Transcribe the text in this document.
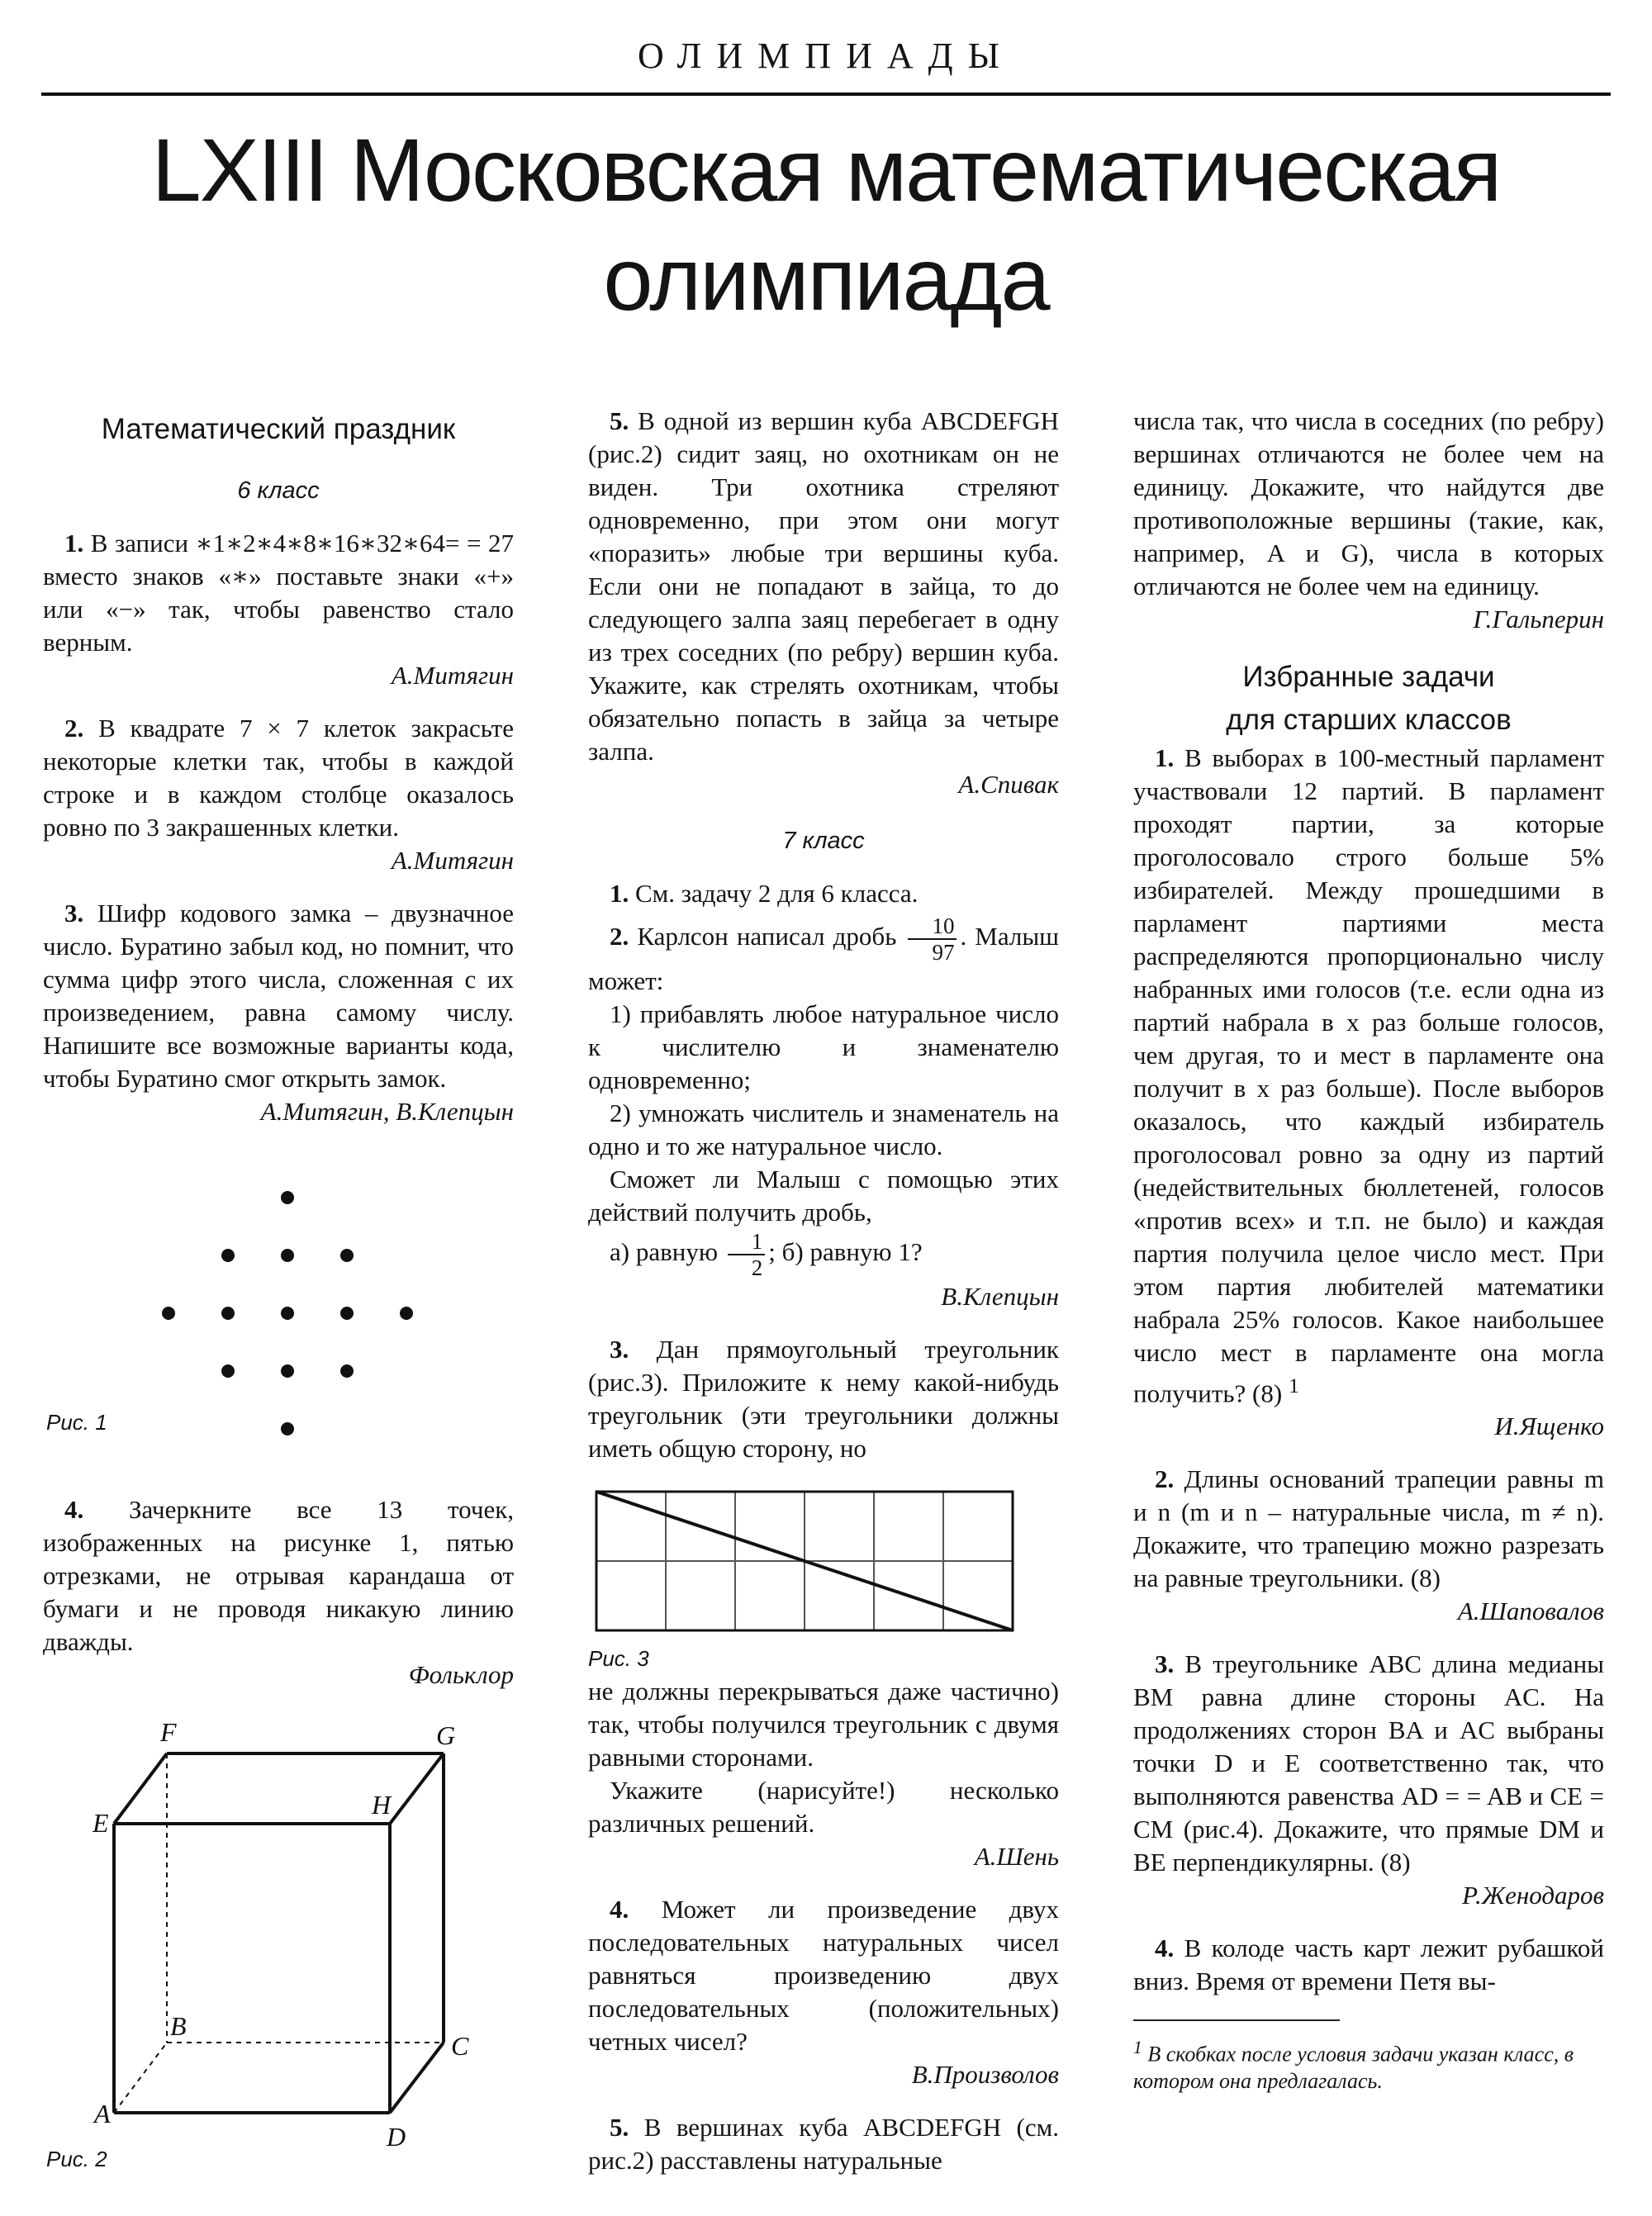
ОЛИМПИАДЫ
LXIII Московская математическая
олимпиада
Математический праздник
6 класс
1. В записи ∗1∗2∗4∗8∗16∗32∗64= = 27 вместо знаков «∗» поставьте знаки «+» или «−» так, чтобы равенство стало верным.
А.Митягин
2. В квадрате 7 × 7 клеток закрасьте некоторые клетки так, чтобы в каждой строке и в каждом столбце оказалось ровно по 3 закрашенных клетки.
А.Митягин
3. Шифр кодового замка – двузначное число. Буратино забыл код, но помнит, что сумма цифр этого числа, сложенная с их произведением, равна самому числу. Напишите все возможные варианты кода, чтобы Буратино смог открыть замок.
А.Митягин, В.Клепцын
Рис. 1
4. Зачеркните все 13 точек, изображенных на рисунке 1, пятью отрезками, не отрывая карандаша от бумаги и не проводя никакую линию дважды.
Фольклор
F	G
E
H
B
C
A
D
Рис. 2
5. В одной из вершин куба ABCDEFGH (рис.2) сидит заяц, но охотникам он не виден. Три охотника стреляют одновременно, при этом они могут «поразить» любые три вершины куба. Если они не попадают в зайца, то до следующего залпа заяц перебегает в одну из трех соседних (по ребру) вершин куба. Укажите, как стрелять охотникам, чтобы обязательно попасть в зайца за четыре залпа.
А.Спивак
7 класс
1. См. задачу 2 для 6 класса.
2. Карлсон написал дробь $\frac{10}{97}$ . Малыш может:
1) прибавлять любое натуральное число к числителю и знаменателю одновременно;
2) умножать числитель и знаменатель на одно и то же натуральное число.
Сможет ли Малыш с помощью этих действий получить дробь,
а) равную $\frac{1}{2}$ ; б) равную 1?
В.Клепцын
3. Дан прямоугольный треугольник (рис.3). Приложите к нему какой-нибудь треугольник (эти треугольники должны иметь общую сторону, но
Рис. 3
не должны перекрываться даже частично) так, чтобы получился треугольник с двумя равными сторонами.
Укажите (нарисуйте!) несколько различных решений.
А.Шень
4. Может ли произведение двух последовательных натуральных чисел равняться произведению двух последовательных (положительных) четных чисел?
В.Произволов
5. В вершинах куба ABCDEFGH (см. рис.2) расставлены натуральные
числа так, что числа в соседних (по ребру) вершинах отличаются не более чем на единицу. Докажите, что найдутся две противоположные вершины (такие, как, например, A и G), числа в которых отличаются не более чем на единицу.
Г.Гальперин
Избранные задачи
для старших классов
1. В выборах в 100-местный парламент участвовали 12 партий. В парламент проходят партии, за которые проголосовало строго больше 5% избирателей. Между прошедшими в парламент партиями места распределяются пропорционально числу набранных ими голосов (т.е. если одна из партий набрала в x раз больше голосов, чем другая, то и мест в парламенте она получит в x раз больше). После выборов оказалось, что каждый избиратель проголосовал ровно за одну из партий (недействительных бюллетеней, голосов «против всех» и т.п. не было) и каждая партия получила целое число мест. При этом партия любителей математики набрала 25% голосов. Какое наибольшее число мест в парламенте она могла получить? (8) $^1$
И.Ященко
2. Длины оснований трапеции равны m и n (m и n – натуральные числа, m ≠ n). Докажите, что трапецию можно разрезать на равные треугольники. (8)
А.Шаповалов
3. В треугольнике ABC длина медианы BM равна длине стороны AC. На продолжениях сторон BA и AC выбраны точки D и E соответственно так, что выполняются равенства AD = = AB и CE = CM (рис.4). Докажите, что прямые DM и BE перпендикулярны. (8)
Р.Женодаров
4. В колоде часть карт лежит рубашкой вниз. Время от времени Петя вы-
$^1$ В скобках после условия задачи указан класс, в котором она предлагалась.
